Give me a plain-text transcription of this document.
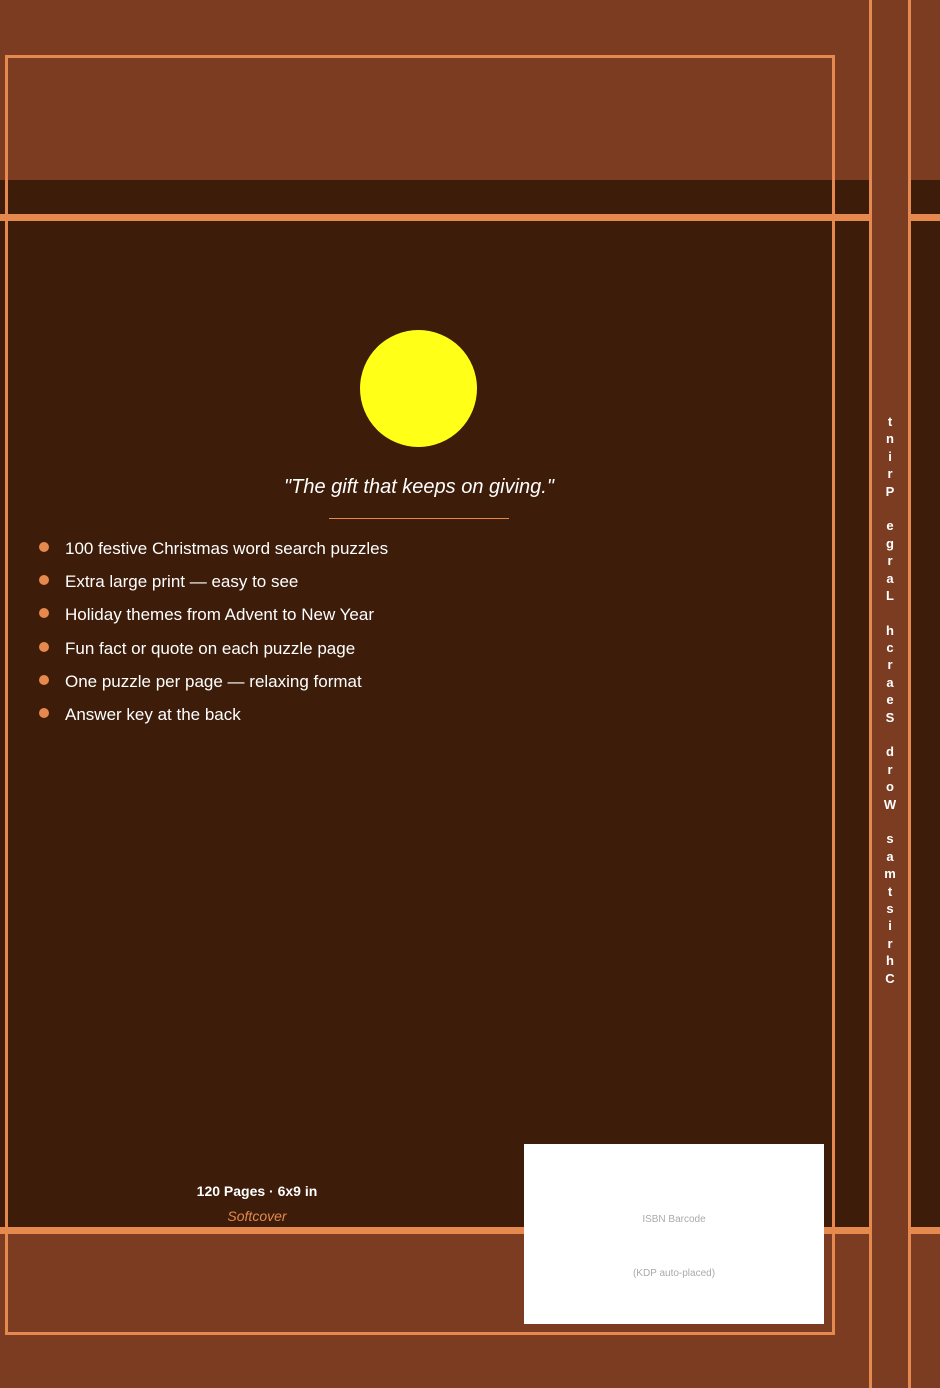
t
n
i
r
P

e
g
r
a
L

h
c
r
a
e
S

d
r
o
W

s
a
m
t
s
i
r
h
C
"The gift that keeps on giving."
100 festive Christmas word search puzzles
Extra large print — easy to see
Holiday themes from Advent to New Year
Fun fact or quote on each puzzle page
One puzzle per page — relaxing format
Answer key at the back
120 Pages · 6x9 in
Softcover	ISBN Barcode
(KDP auto-placed)
